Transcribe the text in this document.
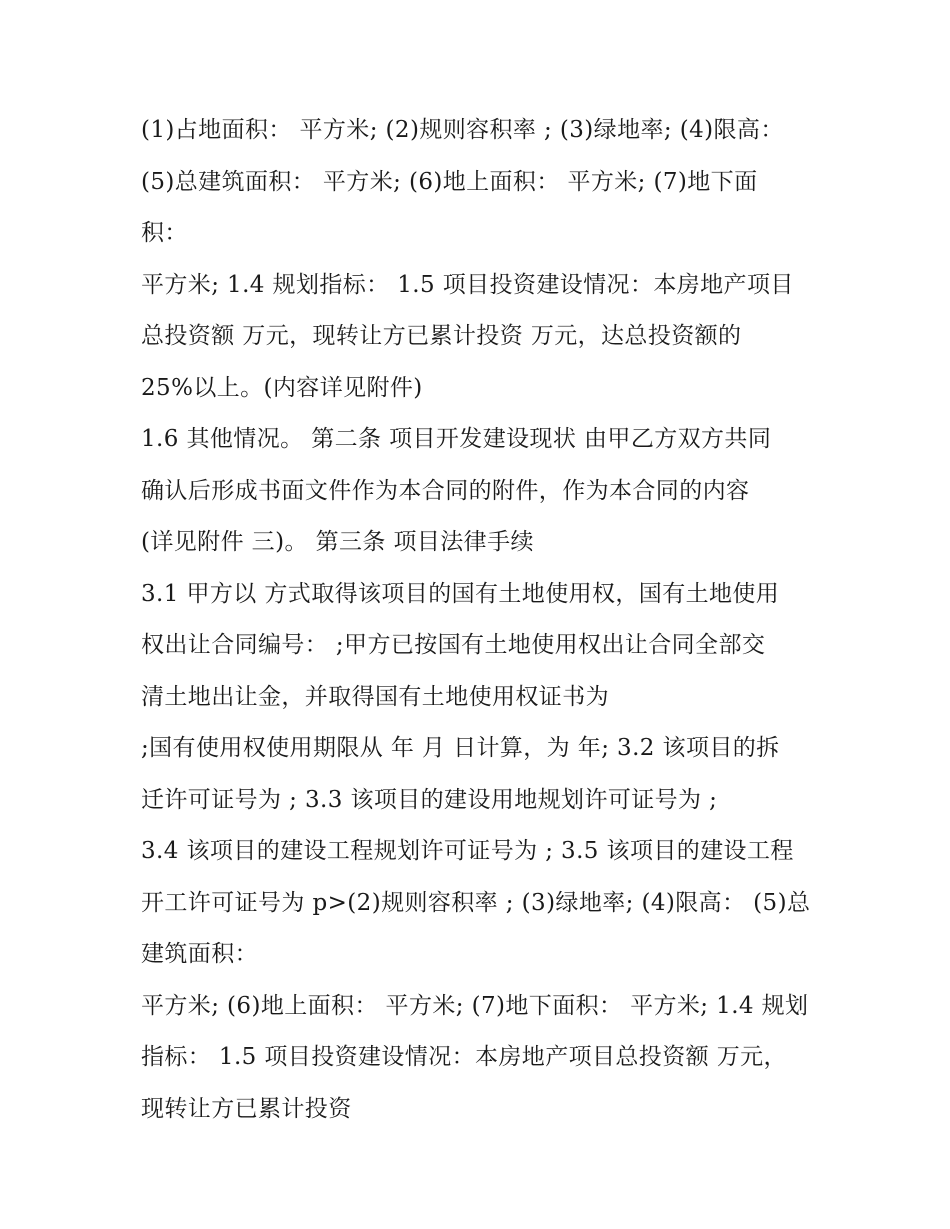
(1)占地面积： 平方米; (2)规则容积率 ; (3)绿地率; (4)限高：
(5)总建筑面积： 平方米; (6)地上面积： 平方米; (7)地下面
积：
平方米; 1.4 规划指标： 1.5 项目投资建设情况：本房地产项目
总投资额 万元，现转让方已累计投资 万元，达总投资额的
25%以上。(内容详见附件)
1.6 其他情况。 第二条 项目开发建设现状 由甲乙方双方共同
确认后形成书面文件作为本合同的附件，作为本合同的内容
(详见附件 三)。 第三条 项目法律手续
3.1 甲方以 方式取得该项目的国有土地使用权，国有土地使用
权出让合同编号： ;甲方已按国有土地使用权出让合同全部交
清土地出让金，并取得国有土地使用权证书为
;国有使用权使用期限从 年 月 日计算，为 年; 3.2 该项目的拆
迁许可证号为 ; 3.3 该项目的建设用地规划许可证号为 ;
3.4 该项目的建设工程规划许可证号为 ; 3.5 该项目的建设工程
开工许可证号为 p>(2)规则容积率 ; (3)绿地率; (4)限高： (5)总
建筑面积：
平方米; (6)地上面积： 平方米; (7)地下面积： 平方米; 1.4 规划
指标： 1.5 项目投资建设情况：本房地产项目总投资额 万元，
现转让方已累计投资
